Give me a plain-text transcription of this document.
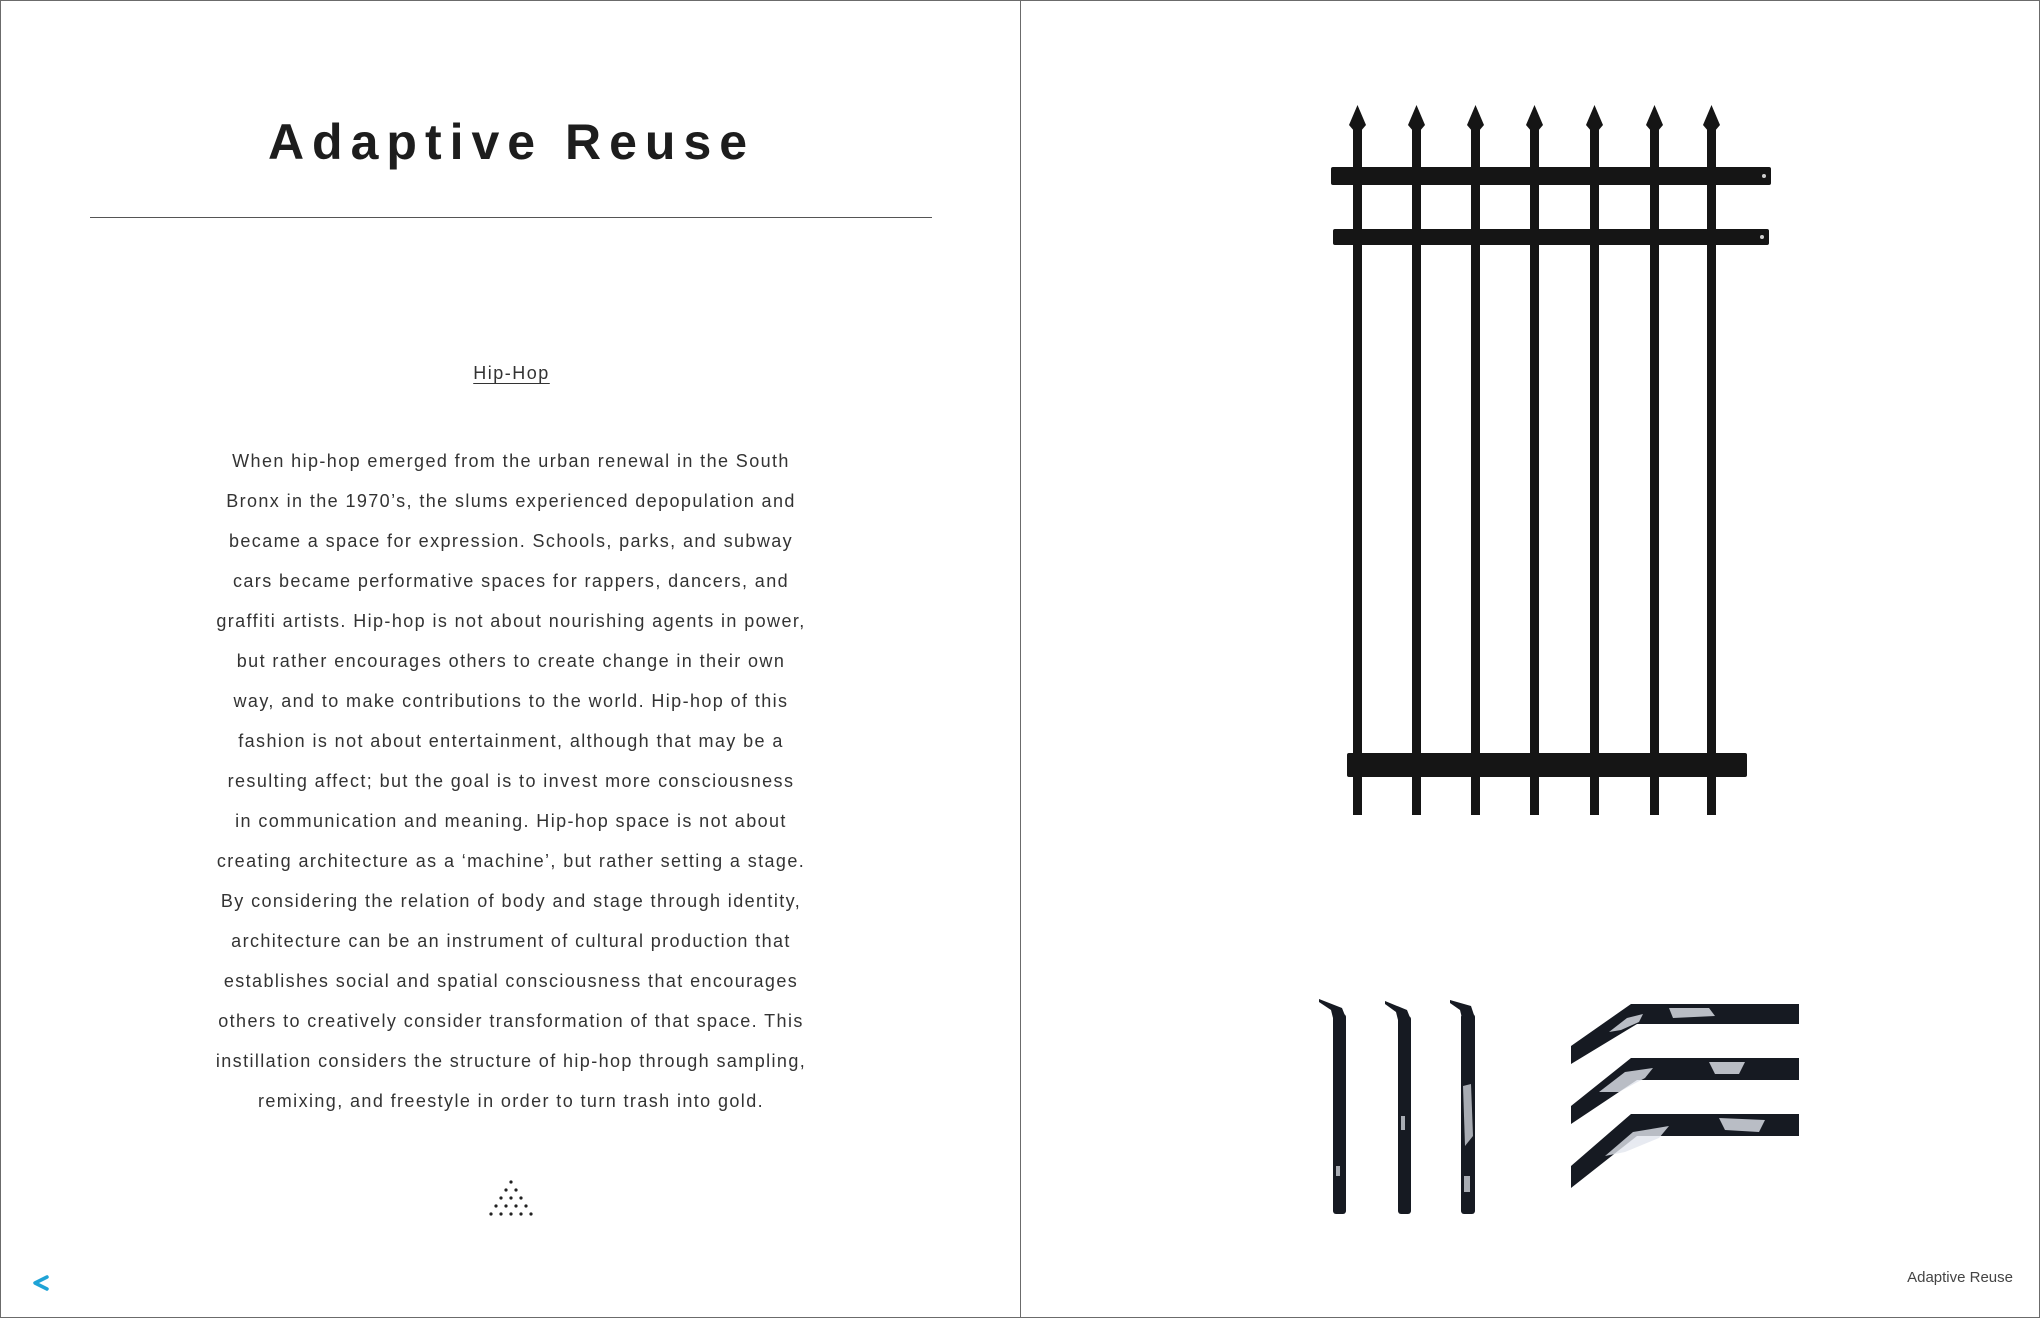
Adaptive Reuse
Hip-Hop
When hip-hop emerged from the urban renewal in the South
Bronx in the 1970’s, the slums experienced depopulation and
became a space for expression. Schools, parks, and subway
cars became performative spaces for rappers, dancers, and
graffiti artists. Hip-hop is not about nourishing agents in power,
but rather encourages others to create change in their own
way, and to make contributions to the world. Hip-hop of this
fashion is not about entertainment, although that may be a
resulting affect; but the goal is to invest more consciousness
in communication and meaning. Hip-hop space is not about
creating architecture as a ‘machine’, but rather setting a stage.
By considering the relation of body and stage through identity,
architecture can be an instrument of cultural production that
establishes social and spatial consciousness that encourages
others to creatively consider transformation of that space. This
instillation considers the structure of hip-hop through sampling,
remixing, and freestyle in order to turn trash into gold.
Adaptive Reuse
